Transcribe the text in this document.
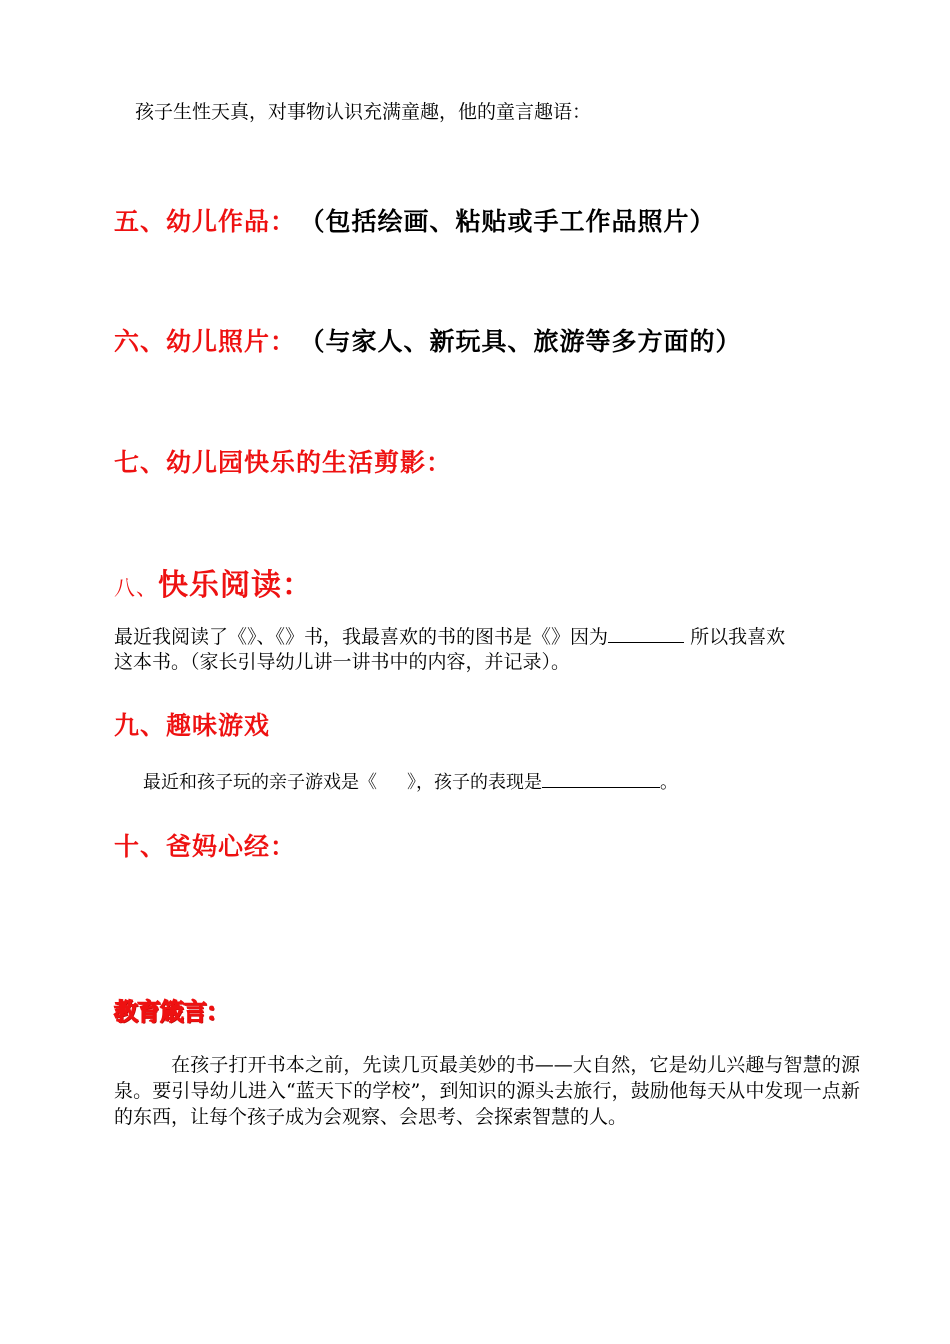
孩子生性天真，对事物认识充满童趣，他的童言趣语：
五、幼儿作品： （包括绘画、粘贴或手工作品照片）
六、幼儿照片： （与家人、新玩具、旅游等多方面的）
七、幼儿园快乐的生活剪影：
八、快乐阅读：
最近我阅读了《》、《》书，我最喜欢的书的图书是《》因为	所以我喜欢
这本书。（家长引导幼儿讲一讲书中的内容，并记录）。
九、趣味游戏
最近和孩子玩的亲子游戏是《 》，孩子的表现是	。
十、爸妈心经：
教育箴言：
在孩子打开书本之前，先读几页最美妙的书——大自然，它是幼儿兴趣与智慧的源泉。要引导幼儿进入“蓝天下的学校”，到知识的源头去旅行，鼓励他每天从中发现一点新的东西，让每个孩子成为会观察、会思考、会探索智慧的人。
